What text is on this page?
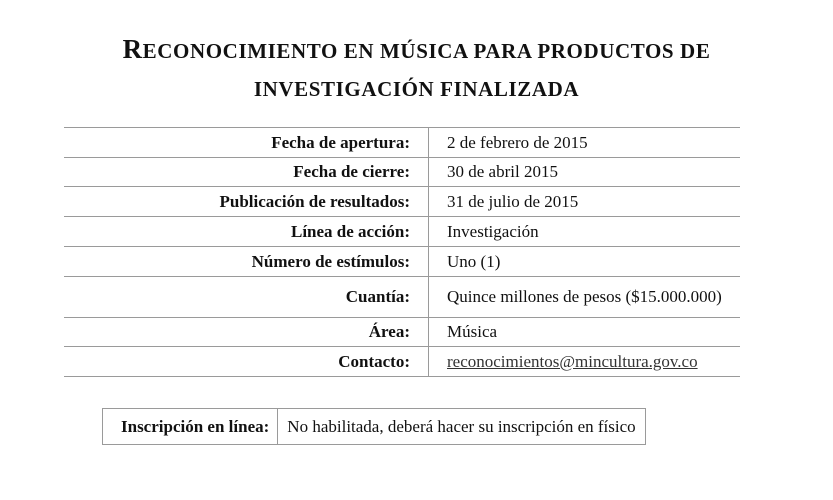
RECONOCIMIENTO EN MÚSICA PARA PRODUCTOS DE
INVESTIGACIÓN FINALIZADA
Fecha de apertura:	2 de febrero de 2015
Fecha de cierre:	30 de abril 2015
Publicación de resultados:	31 de julio de 2015
Línea de acción:	Investigación
Número de estímulos:	Uno (1)
Cuantía:	Quince millones de pesos ($15.000.000)
Área:	Música
Contacto:	reconocimientos@mincultura.gov.co
Inscripción en línea:	No habilitada, deberá hacer su inscripción en físico
